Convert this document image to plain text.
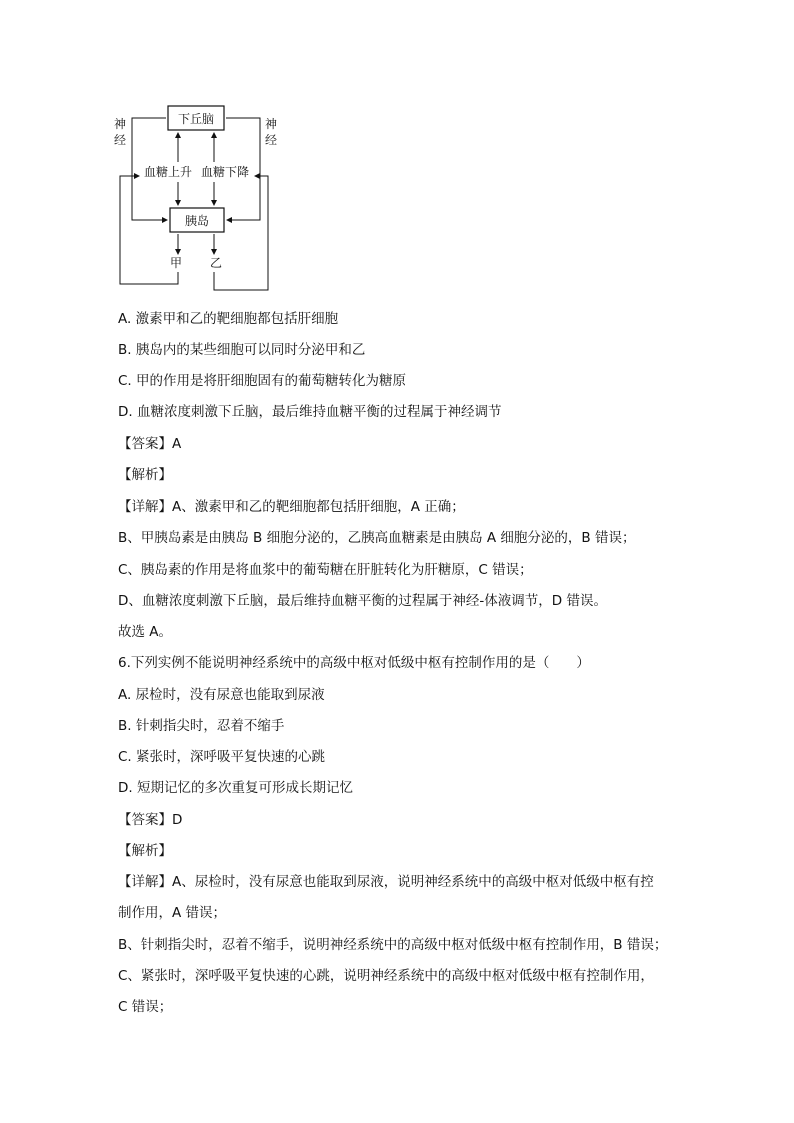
下丘脑
胰岛
神
经
神
经
血糖上升 血糖下降
甲 乙
A. 激素甲和乙的靶细胞都包括肝细胞
B. 胰岛内的某些细胞可以同时分泌甲和乙
C. 甲的作用是将肝细胞固有的葡萄糖转化为糖原
D. 血糖浓度刺激下丘脑，最后维持血糖平衡的过程属于神经调节
【答案】A
【解析】
【详解】A、激素甲和乙的靶细胞都包括肝细胞，A 正确；
B、甲胰岛素是由胰岛 B 细胞分泌的，乙胰高血糖素是由胰岛 A 细胞分泌的，B 错误；
C、胰岛素的作用是将血浆中的葡萄糖在肝脏转化为肝糖原，C 错误；
D、血糖浓度刺激下丘脑，最后维持血糖平衡的过程属于神经-体液调节，D 错误。
故选 A。
6.下列实例不能说明神经系统中的高级中枢对低级中枢有控制作用的是（　　）
A. 尿检时，没有尿意也能取到尿液
B. 针刺指尖时，忍着不缩手
C. 紧张时，深呼吸平复快速的心跳
D. 短期记忆的多次重复可形成长期记忆
【答案】D
【解析】
【详解】A、尿检时，没有尿意也能取到尿液，说明神经系统中的高级中枢对低级中枢有控
制作用，A 错误；
B、针刺指尖时，忍着不缩手，说明神经系统中的高级中枢对低级中枢有控制作用，B 错误；
C、紧张时，深呼吸平复快速的心跳，说明神经系统中的高级中枢对低级中枢有控制作用，
C 错误；
